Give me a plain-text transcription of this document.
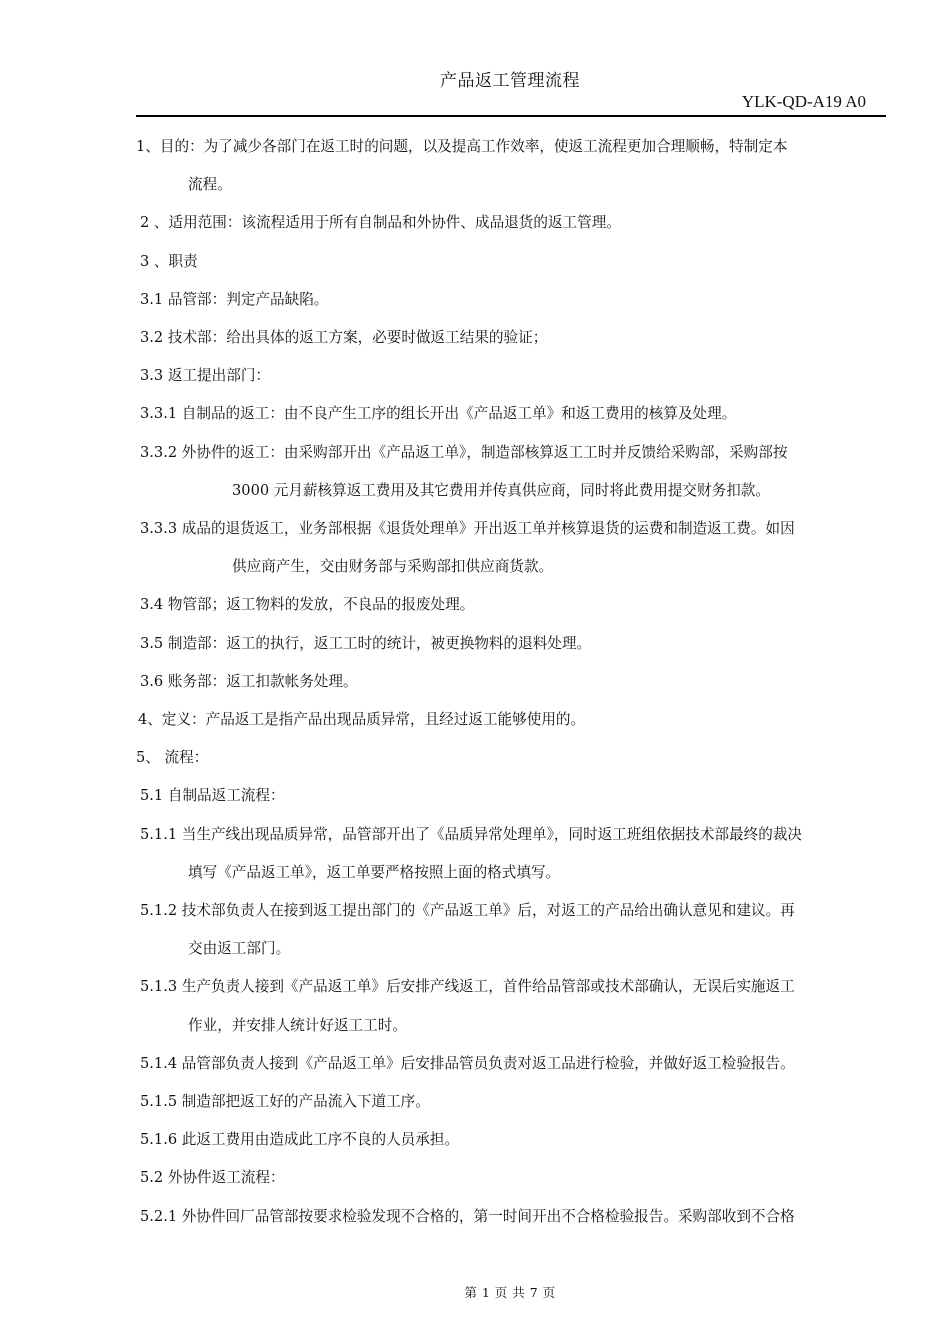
产品返工管理流程
YLK-QD-A19 A0

1、目的：为了减少各部门在返工时的问题，以及提高工作效率，使返工流程更加合理顺畅，特制定本

流程。

2 、适用范围：该流程适用于所有自制品和外协件、成品退货的返工管理。

3 、职责

3.1 品管部：判定产品缺陷。

3.2 技术部：给出具体的返工方案，必要时做返工结果的验证；

3.3 返工提出部门：

3.3.1 自制品的返工：由不良产生工序的组长开出《产品返工单》和返工费用的核算及处理。

3.3.2 外协件的返工：由采购部开出《产品返工单》，制造部核算返工工时并反馈给采购部，采购部按

3000 元月薪核算返工费用及其它费用并传真供应商，同时将此费用提交财务扣款。

3.3.3 成品的退货返工，业务部根据《退货处理单》开出返工单并核算退货的运费和制造返工费。如因

供应商产生，交由财务部与采购部扣供应商货款。

3.4 物管部；返工物料的发放，不良品的报废处理。

3.5 制造部：返工的执行，返工工时的统计，被更换物料的退料处理。

3.6 账务部：返工扣款帐务处理。

4、定义：产品返工是指产品出现品质异常，且经过返工能够使用的。

5、 流程：

5.1 自制品返工流程：

5.1.1 当生产线出现品质异常，品管部开出了《品质异常处理单》，同时返工班组依据技术部最终的裁决

填写《产品返工单》，返工单要严格按照上面的格式填写。

5.1.2 技术部负责人在接到返工提出部门的《产品返工单》后，对返工的产品给出确认意见和建议。再

交由返工部门。

5.1.3 生产负责人接到《产品返工单》后安排产线返工，首件给品管部或技术部确认，无误后实施返工

作业，并安排人统计好返工工时。

5.1.4 品管部负责人接到《产品返工单》后安排品管员负责对返工品进行检验，并做好返工检验报告。

5.1.5 制造部把返工好的产品流入下道工序。

5.1.6 此返工费用由造成此工序不良的人员承担。

5.2 外协件返工流程：

5.2.1 外协件回厂品管部按要求检验发现不合格的，第一时间开出不合格检验报告。采购部收到不合格

第 1 页 共 7 页
